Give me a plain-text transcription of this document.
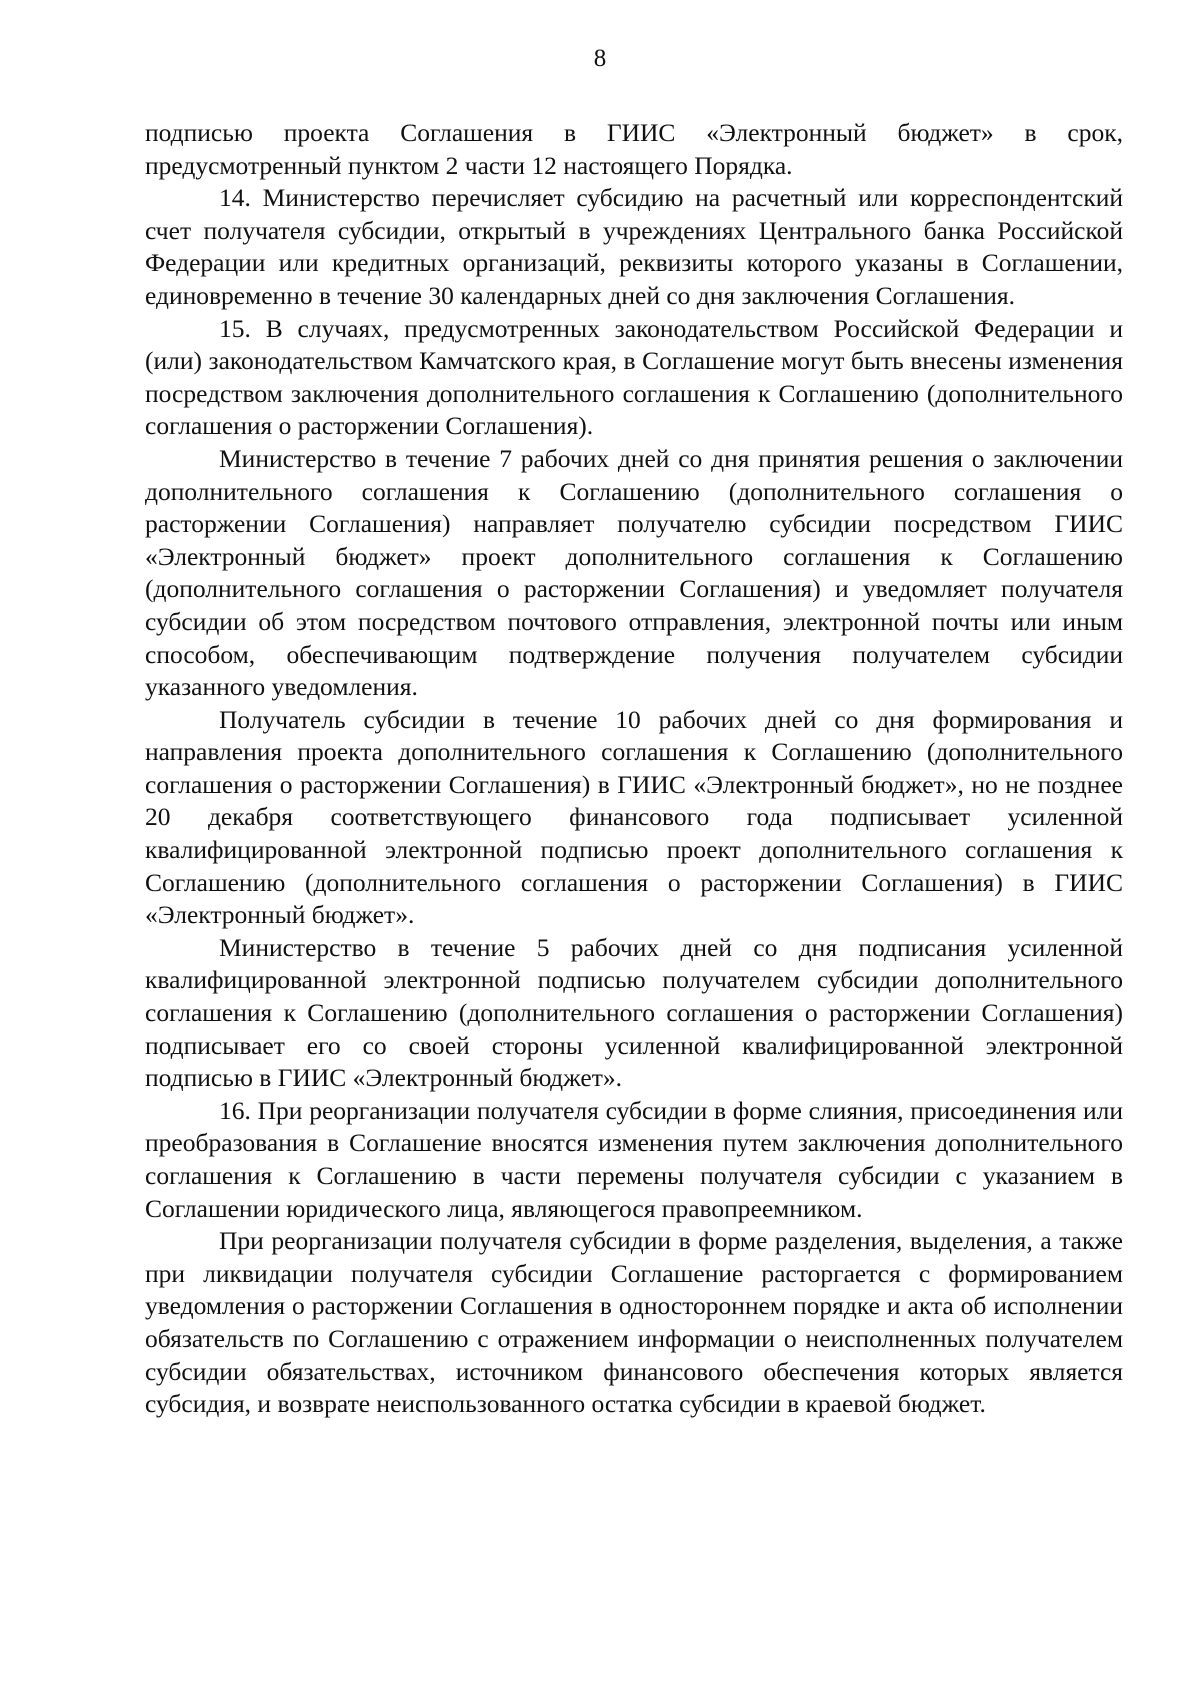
8

подписью проекта Соглашения в ГИИС «Электронный бюджет» в срок, предусмотренный пунктом 2 части 12 настоящего Порядка.

14. Министерство перечисляет субсидию на расчетный или корреспондентский счет получателя субсидии, открытый в учреждениях Центрального банка Российской Федерации или кредитных организаций, реквизиты которого указаны в Соглашении, единовременно в течение 30 календарных дней со дня заключения Соглашения.

15. В случаях, предусмотренных законодательством Российской Федерации и (или) законодательством Камчатского края, в Соглашение могут быть внесены изменения посредством заключения дополнительного соглашения к Соглашению (дополнительного соглашения о расторжении Соглашения).

Министерство в течение 7 рабочих дней со дня принятия решения о заключении дополнительного соглашения к Соглашению (дополнительного соглашения о расторжении Соглашения) направляет получателю субсидии посредством ГИИС «Электронный бюджет» проект дополнительного соглашения к Соглашению (дополнительного соглашения о расторжении Соглашения) и уведомляет получателя субсидии об этом посредством почтового отправления, электронной почты или иным способом, обеспечивающим подтверждение получения получателем субсидии указанного уведомления.

Получатель субсидии в течение 10 рабочих дней со дня формирования и направления проекта дополнительного соглашения к Соглашению (дополнительного соглашения о расторжении Соглашения) в ГИИС «Электронный бюджет», но не позднее 20 декабря соответствующего финансового года подписывает усиленной квалифицированной электронной подписью проект дополнительного соглашения к Соглашению (дополнительного соглашения о расторжении Соглашения) в ГИИС «Электронный бюджет».

Министерство в течение 5 рабочих дней со дня подписания усиленной квалифицированной электронной подписью получателем субсидии дополнительного соглашения к Соглашению (дополнительного соглашения о расторжении Соглашения) подписывает его со своей стороны усиленной квалифицированной электронной подписью в ГИИС «Электронный бюджет».

16. При реорганизации получателя субсидии в форме слияния, присоединения или преобразования в Соглашение вносятся изменения путем заключения дополнительного соглашения к Соглашению в части перемены получателя субсидии с указанием в Соглашении юридического лица, являющегося правопреемником.

При реорганизации получателя субсидии в форме разделения, выделения, а также при ликвидации получателя субсидии Соглашение расторгается с формированием уведомления о расторжении Соглашения в одностороннем порядке и акта об исполнении обязательств по Соглашению с отражением информации о неисполненных получателем субсидии обязательствах, источником финансового обеспечения которых является субсидия, и возврате неиспользованного остатка субсидии в краевой бюджет.
